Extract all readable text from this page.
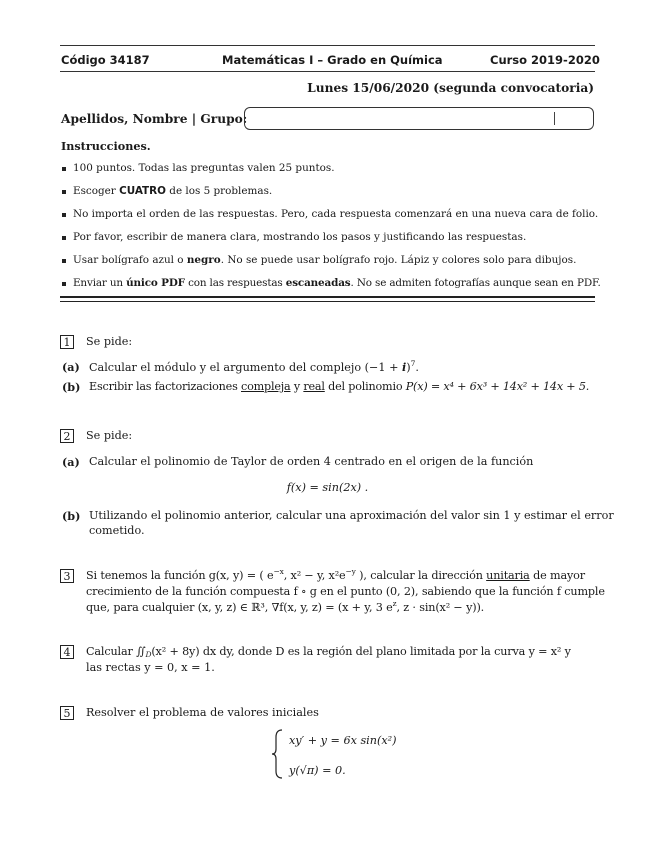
Código 34187	Matemáticas I – Grado en Química	Curso 2019-2020
Lunes 15/06/2020 (segunda convocatoria)
Apellidos, Nombre | Grupo:
Instrucciones.
100 puntos. Todas las preguntas valen 25 puntos.
Escoger CUATRO de los 5 problemas.
No importa el orden de las respuestas. Pero, cada respuesta comenzará en una nueva cara de folio.
Por favor, escribir de manera clara, mostrando los pasos y justificando las respuestas.
Usar bolígrafo azul o negro. No se puede usar bolígrafo rojo. Lápiz y colores solo para dibujos.
Enviar un único PDF con las respuestas escaneadas. No se admiten fotografías aunque sean en PDF.
1	Se pide:
(a) Calcular el módulo y el argumento del complejo $(-1 + i)^7$.
(b) Escribir las factorizaciones compleja y real del polinomio P(x) = x⁴ + 6x³ + 14x² + 14x + 5.
2	Se pide:
(a) Calcular el polinomio de Taylor de orden 4 centrado en el origen de la función
f(x) = sin(2x) .
(b) Utilizando el polinomio anterior, calcular una aproximación del valor sin 1 y estimar el error
cometido.
3	Si tenemos la función g(x, y) = ( $e^{-x}$, x² − y, $x^2e^{-y}$ ), calcular la dirección unitaria de mayor
crecimiento de la función compuesta f ∘ g en el punto (0, 2), sabiendo que la función f cumple
que, para cualquier (x, y, z) ∈ ℝ³, ∇f(x, y, z) = (x + y, 3 $e^z$, z · sin(x² − y)).
4	Calcular $∬_D(x^2 + 8y)$ dx dy, donde D es la región del plano limitada por la curva y = x² y
las rectas y = 0, x = 1.
5	Resolver el problema de valores iniciales
xy′ + y = 6x sin(x²)
y(√π) = 0.
